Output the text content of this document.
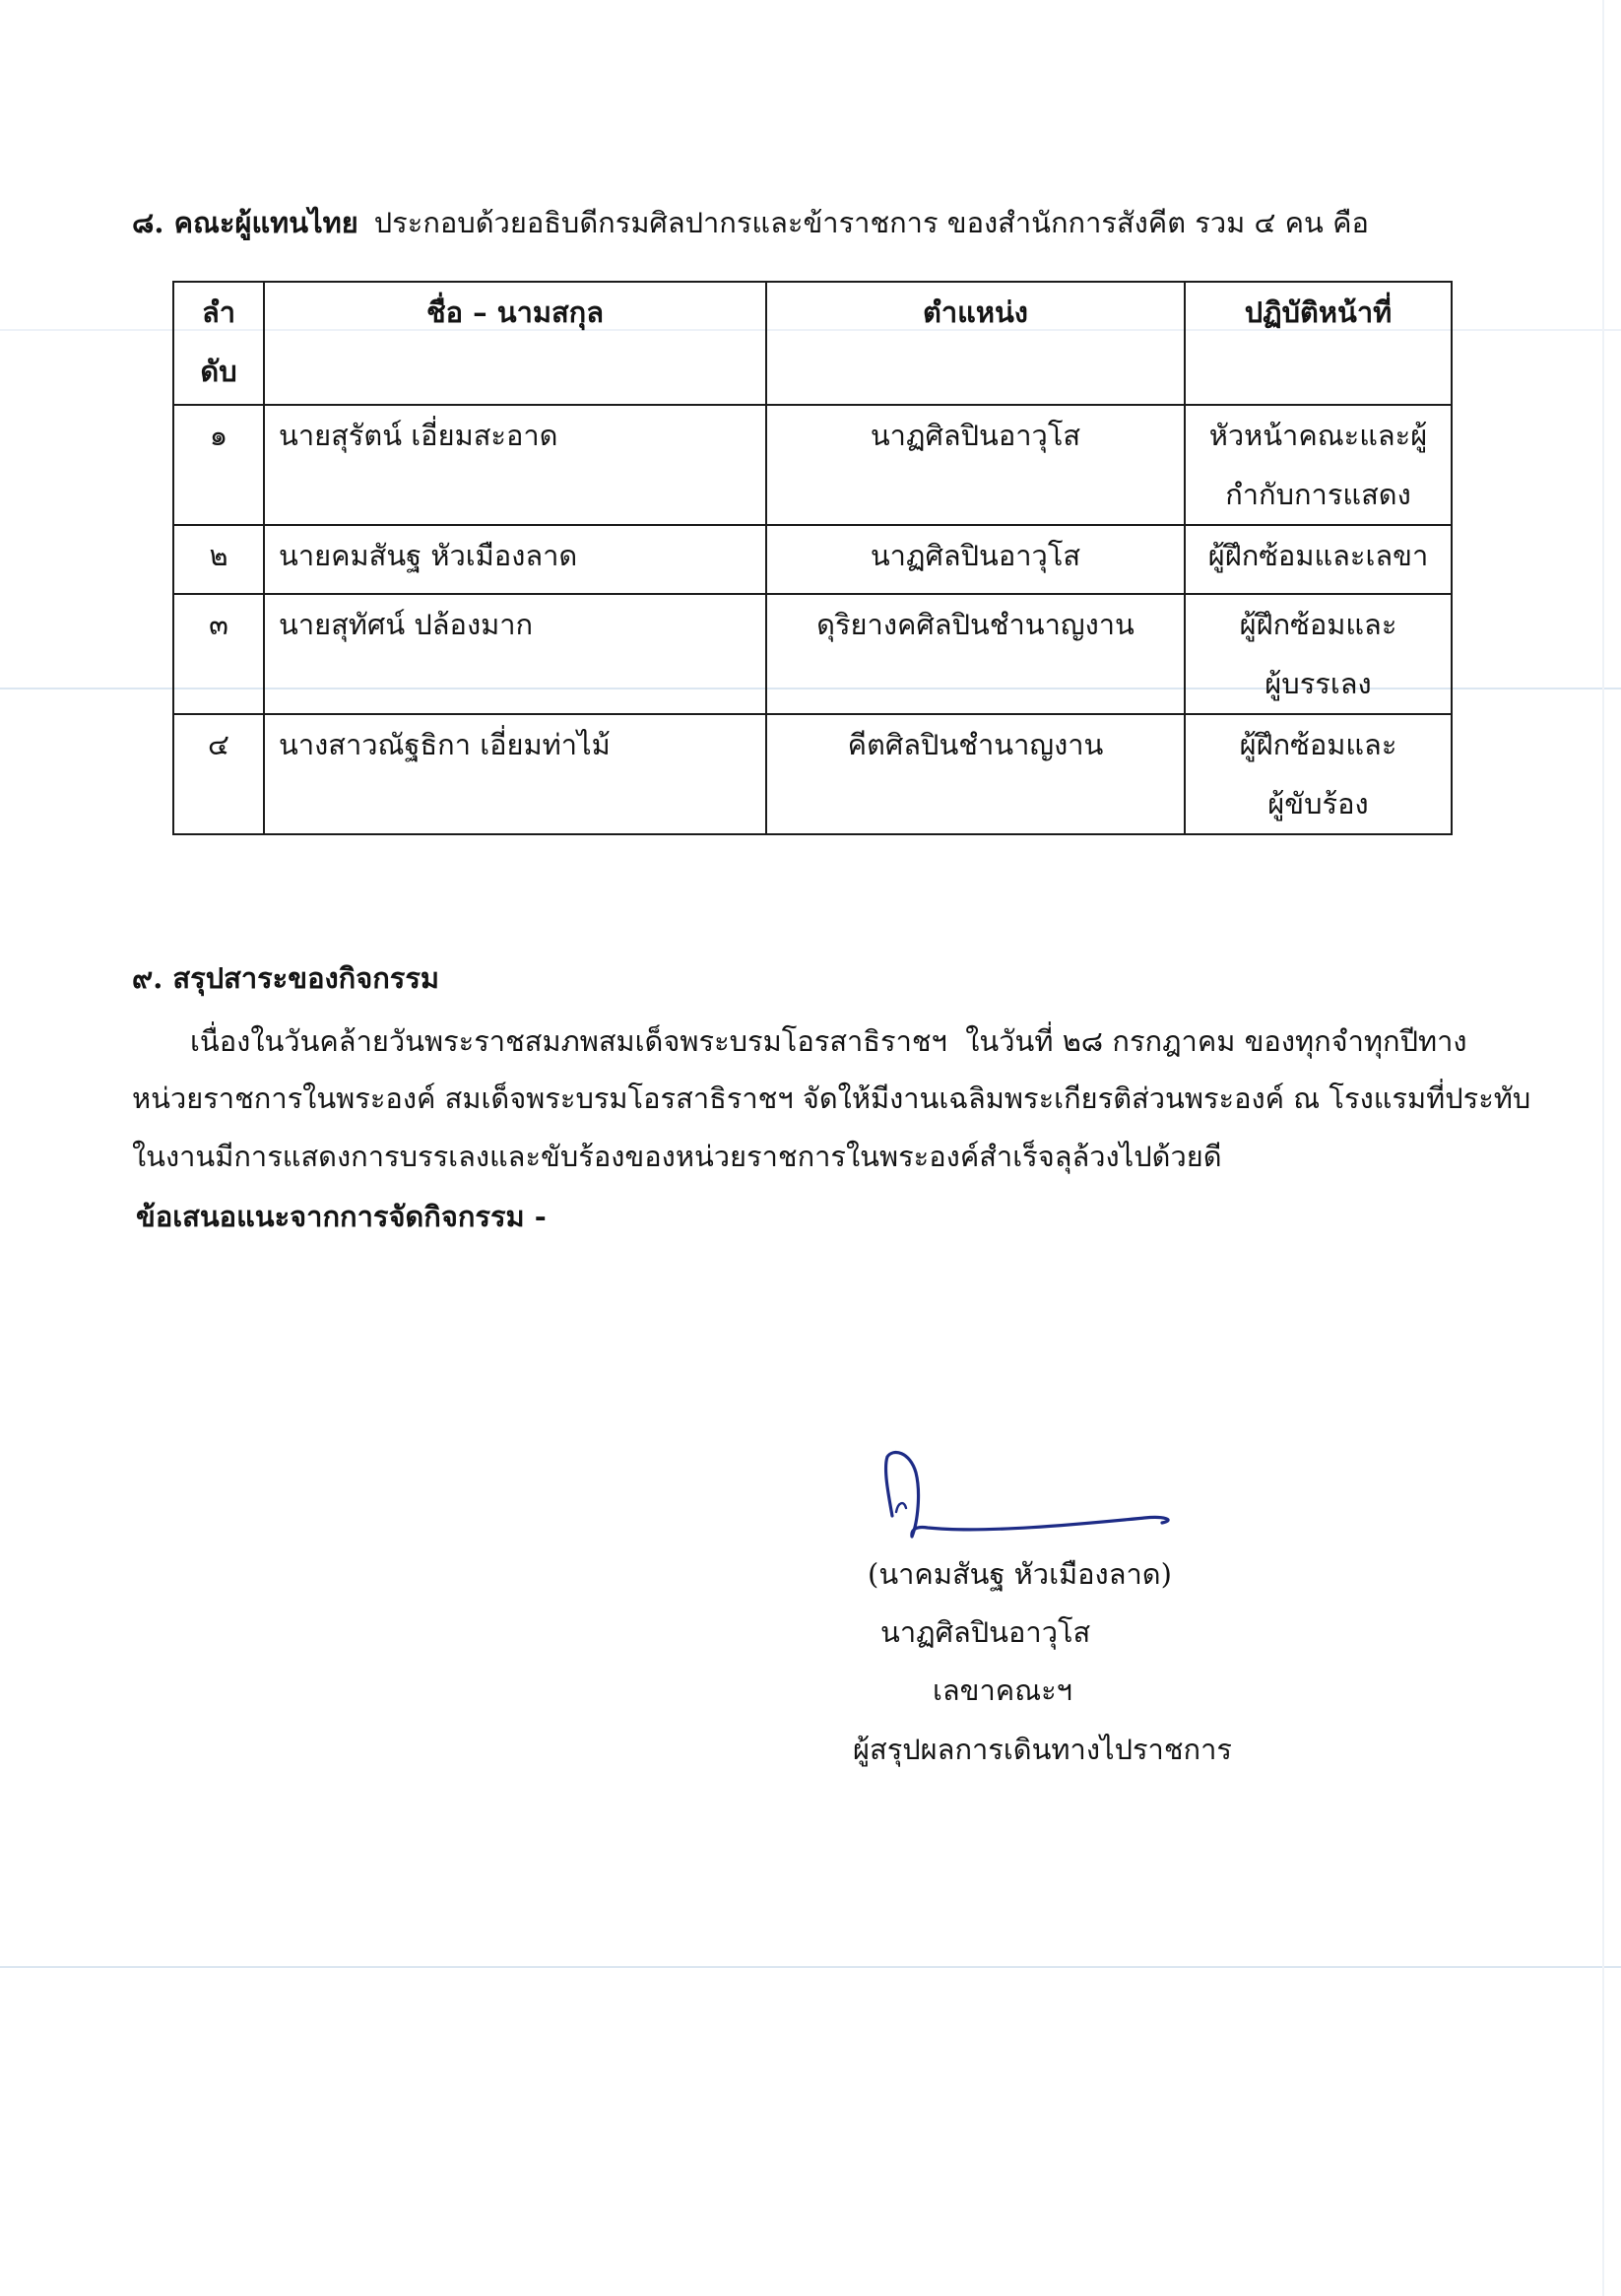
๘. คณะผู้แทนไทย ประกอบด้วยอธิบดีกรมศิลปากรและข้าราชการ ของสำนักการสังคีต รวม ๔ คน คือ
ลำ
ดับ	ชื่อ – นามสกุล	ตำแหน่ง	ปฏิบัติหน้าที่

๑	นายสุรัตน์ เอี่ยมสะอาด	นาฏศิลปินอาวุโส	หัวหน้าคณะและผู้
กำกับการแสดง

๒	นายคมสันฐ หัวเมืองลาด	นาฏศิลปินอาวุโส	ผู้ฝึกซ้อมและเลขา

๓	นายสุทัศน์ ปล้องมาก	ดุริยางคศิลปินชำนาญงาน	ผู้ฝึกซ้อมและ
ผู้บรรเลง

๔	นางสาวณัฐธิกา เอี่ยมท่าไม้	คีตศิลปินชำนาญงาน	ผู้ฝึกซ้อมและ
ผู้ขับร้อง
๙. สรุปสาระของกิจกรรม
เนื่องในวันคล้ายวันพระราชสมภพสมเด็จพระบรมโอรสาธิราชฯ  ในวันที่ ๒๘ กรกฎาคม ของทุกจำทุกปีทาง
หน่วยราชการในพระองค์ สมเด็จพระบรมโอรสาธิราชฯ จัดให้มีงานเฉลิมพระเกียรติส่วนพระองค์ ณ โรงแรมที่ประทับ
ในงานมีการแสดงการบรรเลงและขับร้องของหน่วยราชการในพระองค์สำเร็จลุล้วงไปด้วยดี
ข้อเสนอแนะจากการจัดกิจกรรม -
(นาคมสันฐ หัวเมืองลาด)
นาฏศิลปินอาวุโส
เลขาคณะฯ
ผู้สรุปผลการเดินทางไปราชการ
